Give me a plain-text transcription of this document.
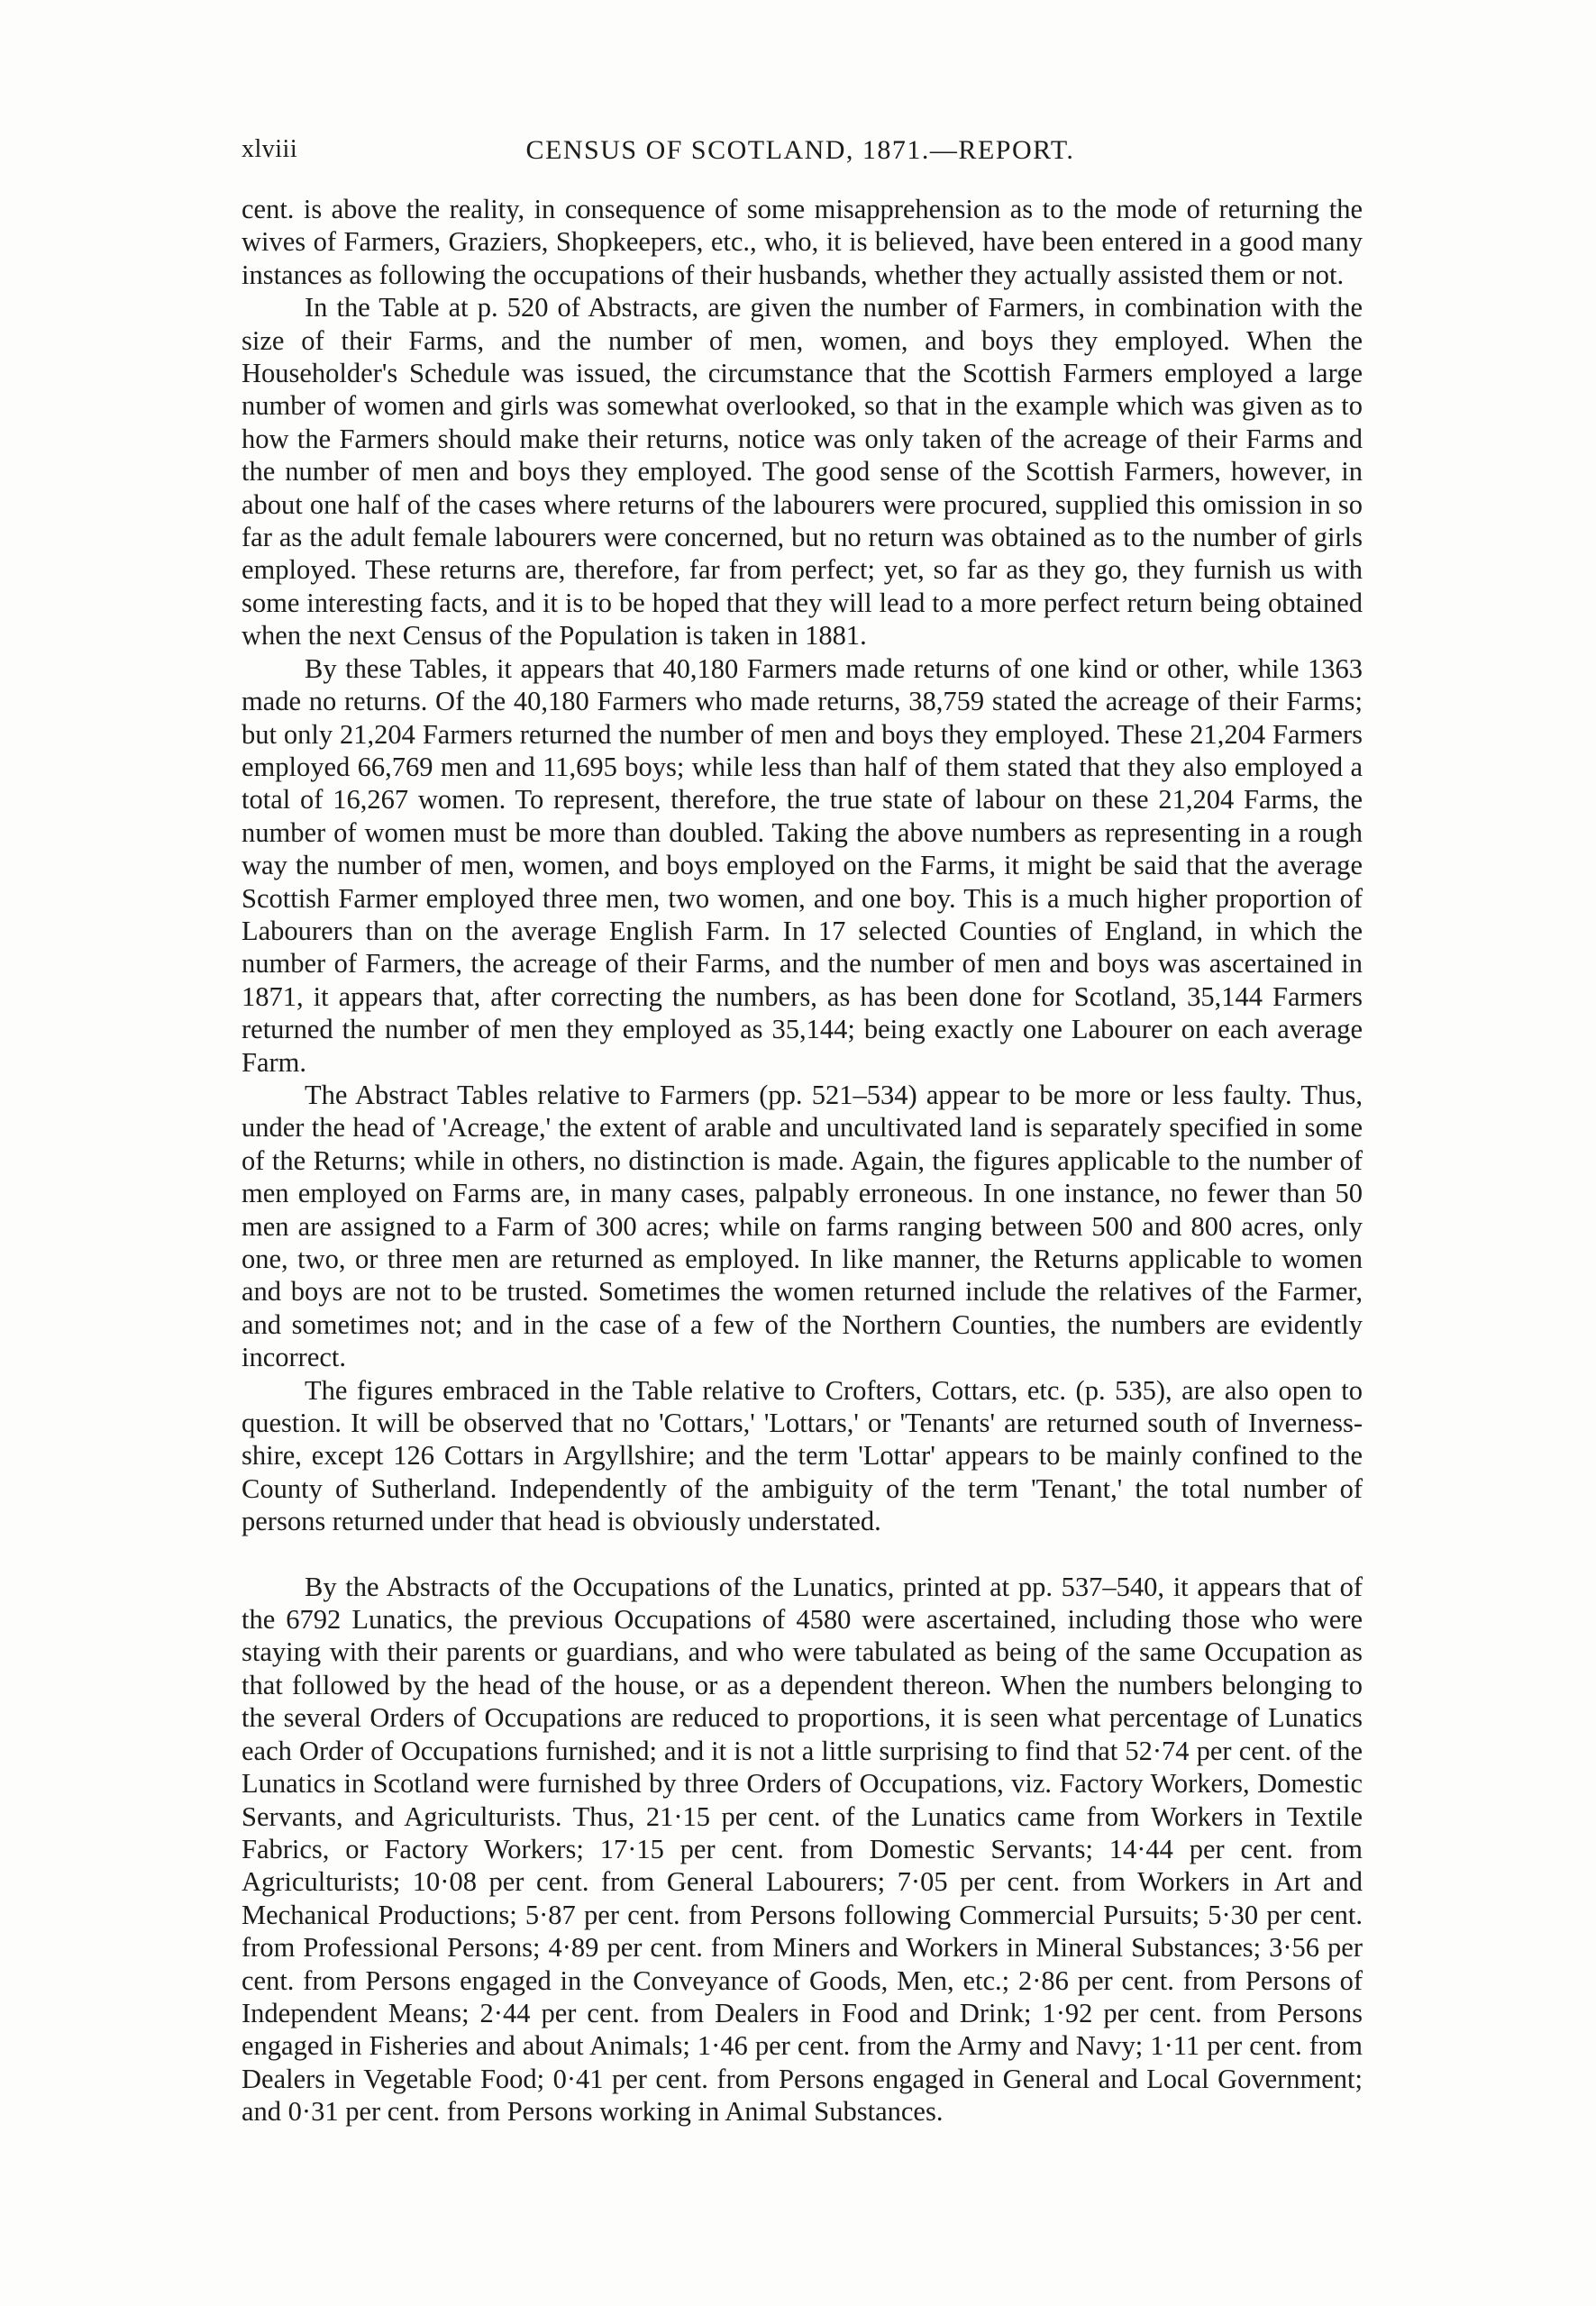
xlviii	CENSUS OF SCOTLAND, 1871.—REPORT.

cent. is above the reality, in consequence of some misapprehension as to the mode of returning the wives of Farmers, Graziers, Shopkeepers, etc., who, it is believed, have been entered in a good many instances as following the occupations of their husbands, whether they actually assisted them or not.

In the Table at p. 520 of Abstracts, are given the number of Farmers, in combination with the size of their Farms, and the number of men, women, and boys they employed. When the Householder's Schedule was issued, the circumstance that the Scottish Farmers employed a large number of women and girls was somewhat overlooked, so that in the example which was given as to how the Farmers should make their returns, notice was only taken of the acreage of their Farms and the number of men and boys they employed. The good sense of the Scottish Farmers, however, in about one half of the cases where returns of the labourers were procured, supplied this omission in so far as the adult female labourers were concerned, but no return was obtained as to the number of girls employed. These returns are, therefore, far from perfect; yet, so far as they go, they furnish us with some interesting facts, and it is to be hoped that they will lead to a more perfect return being obtained when the next Census of the Population is taken in 1881.

By these Tables, it appears that 40,180 Farmers made returns of one kind or other, while 1363 made no returns. Of the 40,180 Farmers who made returns, 38,759 stated the acreage of their Farms; but only 21,204 Farmers returned the number of men and boys they employed. These 21,204 Farmers employed 66,769 men and 11,695 boys; while less than half of them stated that they also employed a total of 16,267 women. To represent, therefore, the true state of labour on these 21,204 Farms, the number of women must be more than doubled. Taking the above numbers as representing in a rough way the number of men, women, and boys employed on the Farms, it might be said that the average Scottish Farmer employed three men, two women, and one boy. This is a much higher proportion of Labourers than on the average English Farm. In 17 selected Counties of England, in which the number of Farmers, the acreage of their Farms, and the number of men and boys was ascertained in 1871, it appears that, after correcting the numbers, as has been done for Scotland, 35,144 Farmers returned the number of men they employed as 35,144; being exactly one Labourer on each average Farm.

The Abstract Tables relative to Farmers (pp. 521–534) appear to be more or less faulty. Thus, under the head of 'Acreage,' the extent of arable and uncultivated land is separately specified in some of the Returns; while in others, no distinction is made. Again, the figures applicable to the number of men employed on Farms are, in many cases, palpably erroneous. In one instance, no fewer than 50 men are assigned to a Farm of 300 acres; while on farms ranging between 500 and 800 acres, only one, two, or three men are returned as employed. In like manner, the Returns applicable to women and boys are not to be trusted. Sometimes the women returned include the relatives of the Farmer, and sometimes not; and in the case of a few of the Northern Counties, the numbers are evidently incorrect.

The figures embraced in the Table relative to Crofters, Cottars, etc. (p. 535), are also open to question. It will be observed that no 'Cottars,' 'Lottars,' or 'Tenants' are returned south of Inverness-shire, except 126 Cottars in Argyllshire; and the term 'Lottar' appears to be mainly confined to the County of Sutherland. Independently of the ambiguity of the term 'Tenant,' the total number of persons returned under that head is obviously understated.

By the Abstracts of the Occupations of the Lunatics, printed at pp. 537–540, it appears that of the 6792 Lunatics, the previous Occupations of 4580 were ascertained, including those who were staying with their parents or guardians, and who were tabulated as being of the same Occupation as that followed by the head of the house, or as a dependent thereon. When the numbers belonging to the several Orders of Occupations are reduced to proportions, it is seen what percentage of Lunatics each Order of Occupations furnished; and it is not a little surprising to find that 52·74 per cent. of the Lunatics in Scotland were furnished by three Orders of Occupations, viz. Factory Workers, Domestic Servants, and Agriculturists. Thus, 21·15 per cent. of the Lunatics came from Workers in Textile Fabrics, or Factory Workers; 17·15 per cent. from Domestic Servants; 14·44 per cent. from Agriculturists; 10·08 per cent. from General Labourers; 7·05 per cent. from Workers in Art and Mechanical Productions; 5·87 per cent. from Persons following Commercial Pursuits; 5·30 per cent. from Professional Persons; 4·89 per cent. from Miners and Workers in Mineral Substances; 3·56 per cent. from Persons engaged in the Conveyance of Goods, Men, etc.; 2·86 per cent. from Persons of Independent Means; 2·44 per cent. from Dealers in Food and Drink; 1·92 per cent. from Persons engaged in Fisheries and about Animals; 1·46 per cent. from the Army and Navy; 1·11 per cent. from Dealers in Vegetable Food; 0·41 per cent. from Persons engaged in General and Local Government; and 0·31 per cent. from Persons working in Animal Substances.
